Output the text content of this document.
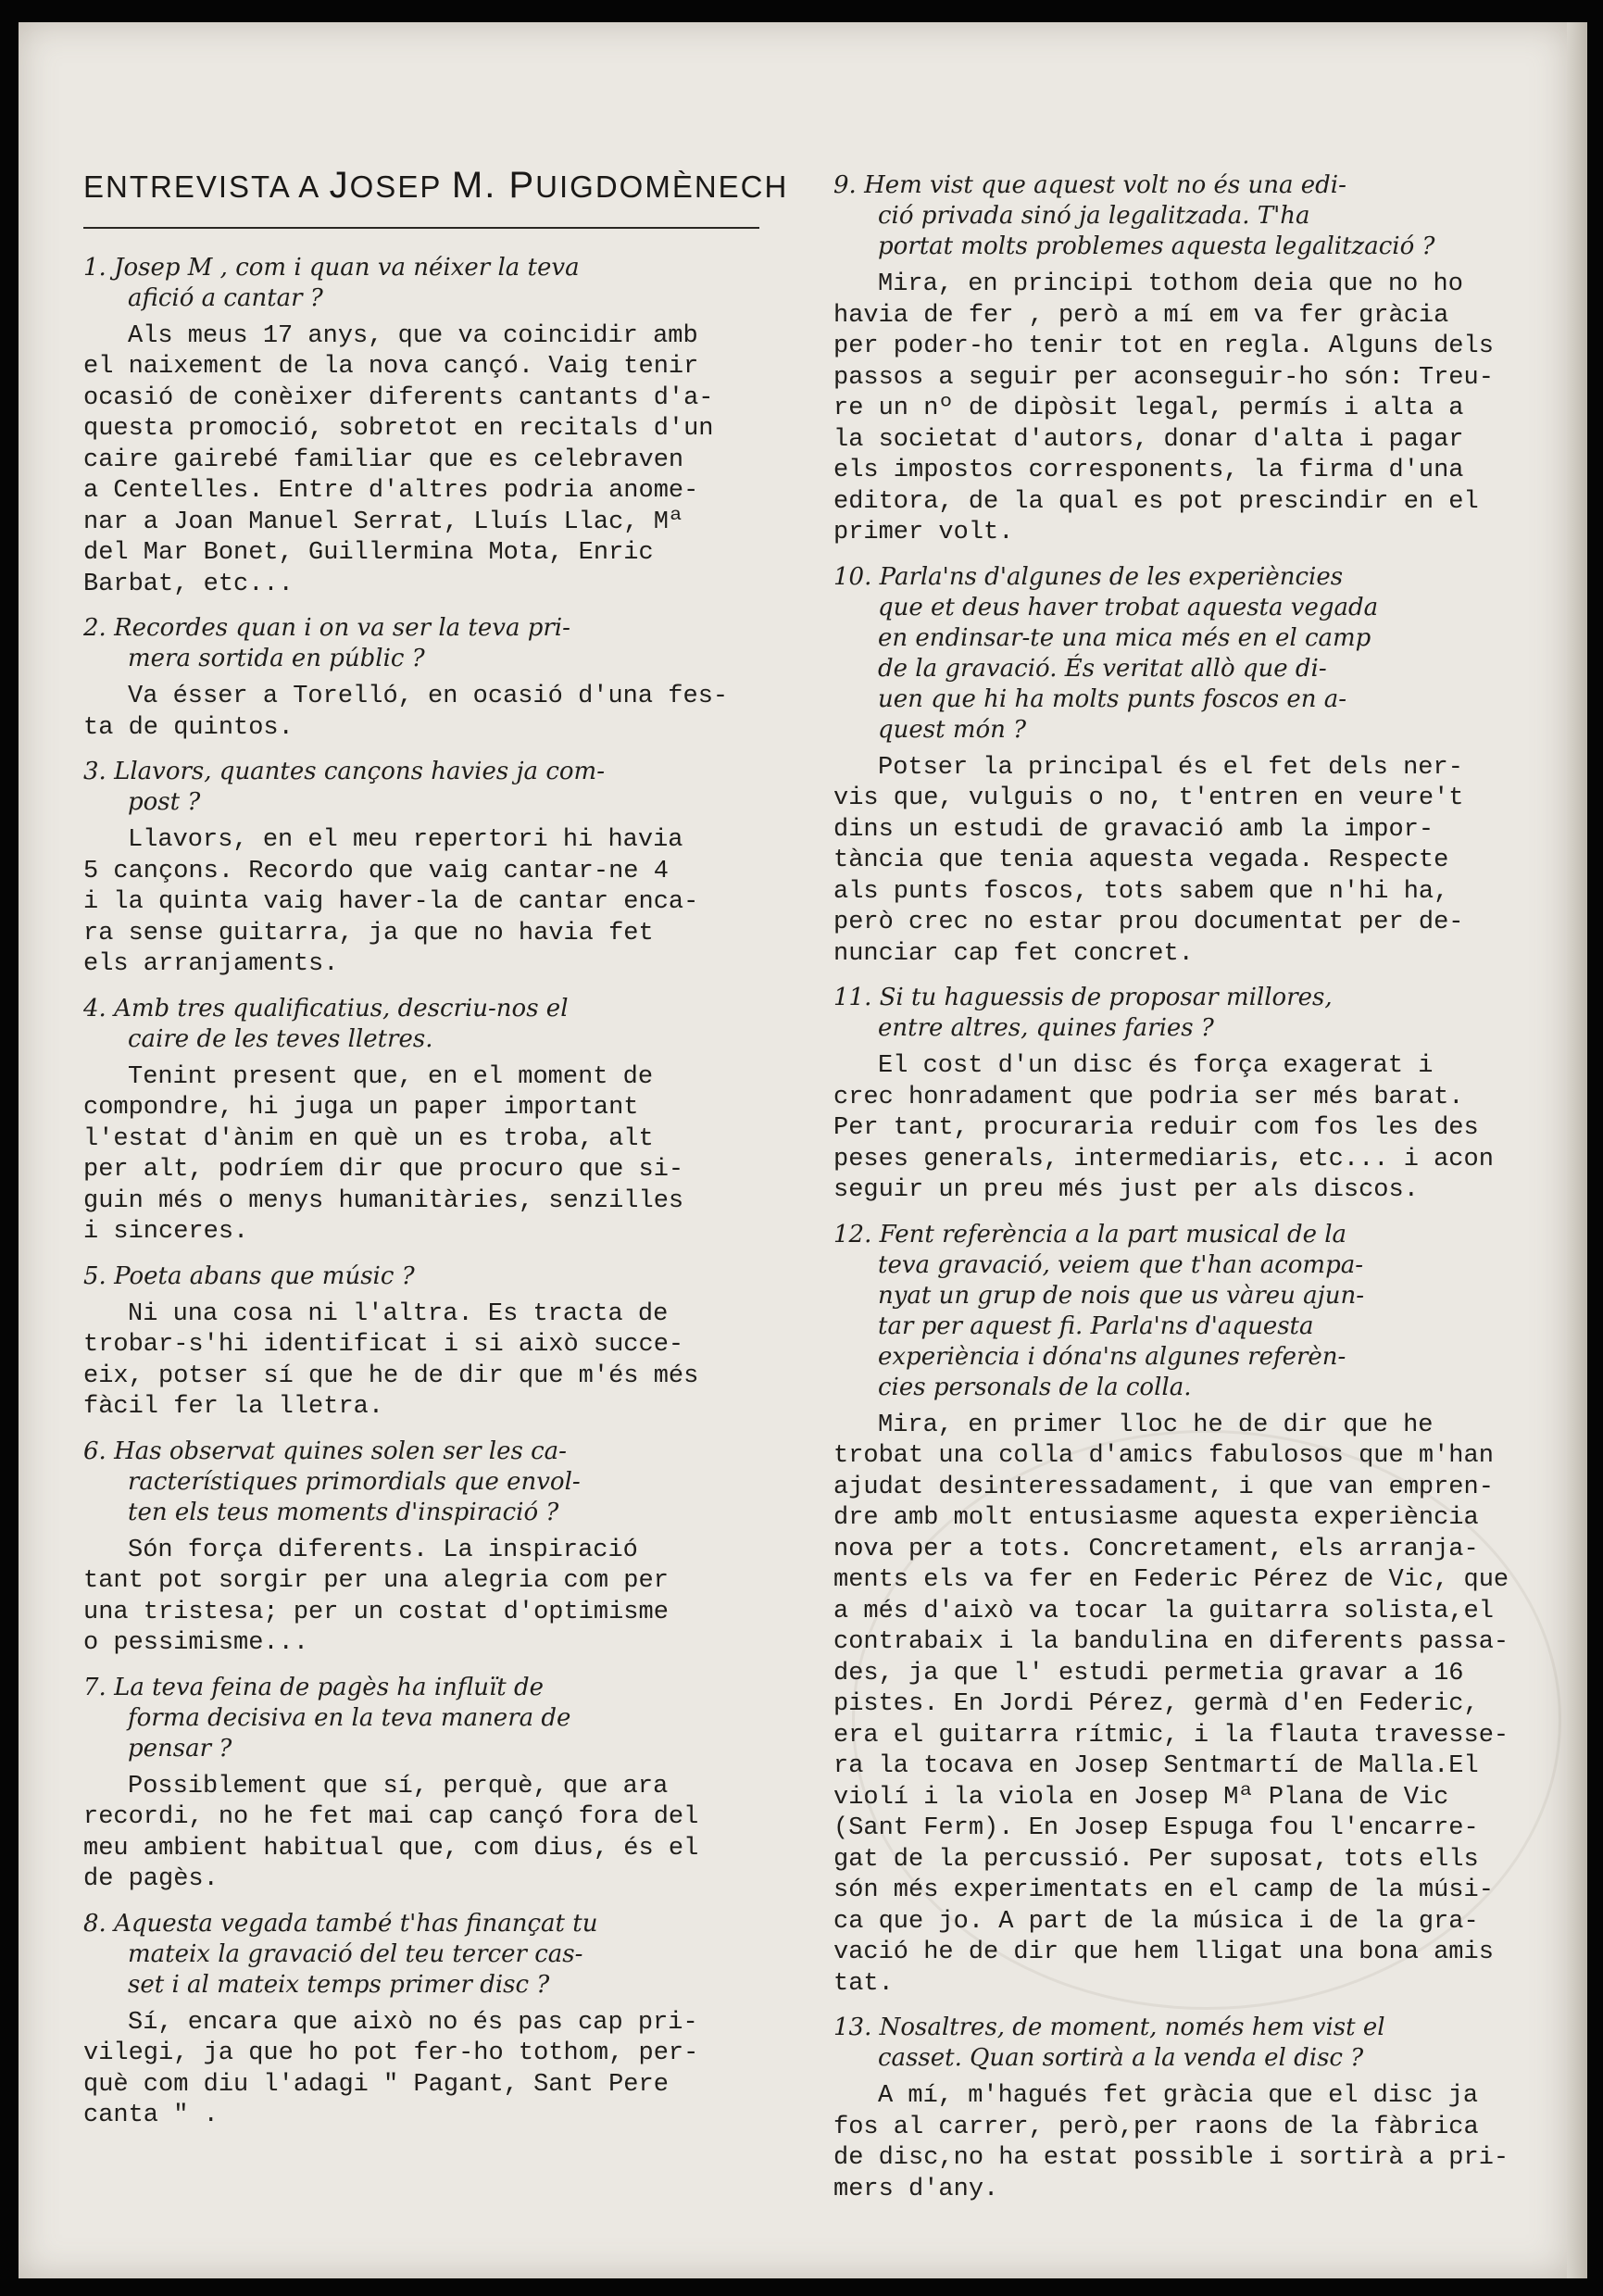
ENTREVISTA A JOSEP M. PUIGDOMÈNECH

1. Josep M , com i quan va néixer la teva
afició a cantar ?

Als meus 17 anys, que va coincidir amb
el naixement de la nova cançó. Vaig tenir
ocasió de conèixer diferents cantants d'a-
questa promoció, sobretot en recitals d'un
caire gairebé familiar que es celebraven
a Centelles. Entre d'altres podria anome-
nar a Joan Manuel Serrat, Lluís Llac, Mª
del Mar Bonet, Guillermina Mota, Enric
Barbat, etc...

2. Recordes quan i on va ser la teva pri-
mera sortida en públic ?

Va ésser a Torelló, en ocasió d'una fes-
ta de quintos.

3. Llavors, quantes cançons havies ja com-
post ?

Llavors, en el meu repertori hi havia
5 cançons. Recordo que vaig cantar-ne 4
i la quinta vaig haver-la de cantar enca-
ra sense guitarra, ja que no havia fet
els arranjaments.

4. Amb tres qualificatius, descriu-nos el
caire de les teves lletres.

Tenint present que, en el moment de
compondre, hi juga un paper important
l'estat d'ànim en què un es troba, alt
per alt, podríem dir que procuro que si-
guin més o menys humanitàries, senzilles
i sinceres.

5. Poeta abans que músic ?

Ni una cosa ni l'altra. Es tracta de
trobar-s'hi identificat i si això succe-
eix, potser sí que he de dir que m'és més
fàcil fer la lletra.

6. Has observat quines solen ser les ca-
racterístiques primordials que envol-
ten els teus moments d'inspiració ?

Són força diferents. La inspiració
tant pot sorgir per una alegria com per
una tristesa; per un costat d'optimisme
o pessimisme...

7. La teva feina de pagès ha influït de
forma decisiva en la teva manera de
pensar ?

Possiblement que sí, perquè, que ara
recordi, no he fet mai cap cançó fora del
meu ambient habitual que, com dius, és el
de pagès.

8. Aquesta vegada també t'has finançat tu
mateix la gravació del teu tercer cas-
set i al mateix temps primer disc ?

Sí, encara que això no és pas cap pri-
vilegi, ja que ho pot fer-ho tothom, per-
què com diu l'adagi " Pagant, Sant Pere
canta " .

9. Hem vist que aquest volt no és una edi-
ció privada sinó ja legalitzada. T'ha
portat molts problemes aquesta legalització ?

Mira, en principi tothom deia que no ho
havia de fer , però a mí em va fer gràcia
per poder-ho tenir tot en regla. Alguns dels
passos a seguir per aconseguir-ho són: Treu-
re un nº de dipòsit legal, permís i alta a
la societat d'autors, donar d'alta i pagar
els impostos corresponents, la firma d'una
editora, de la qual es pot prescindir en el
primer volt.

10. Parla'ns d'algunes de les experiències
que et deus haver trobat aquesta vegada
en endinsar-te una mica més en el camp
de la gravació. És veritat allò que di-
uen que hi ha molts punts foscos en a-
quest món ?

Potser la principal és el fet dels ner-
vis que, vulguis o no, t'entren en veure't
dins un estudi de gravació amb la impor-
tància que tenia aquesta vegada. Respecte
als punts foscos, tots sabem que n'hi ha,
però crec no estar prou documentat per de-
nunciar cap fet concret.

11. Si tu haguessis de proposar millores,
entre altres, quines faries ?

El cost d'un disc és força exagerat i
crec honradament que podria ser més barat.
Per tant, procuraria reduir com fos les des
peses generals, intermediaris, etc... i acon
seguir un preu més just per als discos.

12. Fent referència a la part musical de la
teva gravació, veiem que t'han acompa-
nyat un grup de nois que us vàreu ajun-
tar per aquest fi. Parla'ns d'aquesta
experiència i dóna'ns algunes referèn-
cies personals de la colla.

Mira, en primer lloc he de dir que he
trobat una colla d'amics fabulosos que m'han
ajudat desinteressadament, i que van empren-
dre amb molt entusiasme aquesta experiència
nova per a tots. Concretament, els arranja-
ments els va fer en Federic Pérez de Vic, que
a més d'això va tocar la guitarra solista,el
contrabaix i la bandulina en diferents passa-
des, ja que l' estudi permetia gravar a 16
pistes. En Jordi Pérez, germà d'en Federic,
era el guitarra rítmic, i la flauta travesse-
ra la tocava en Josep Sentmartí de Malla.El
violí i la viola en Josep Mª Plana de Vic
(Sant Ferm). En Josep Espuga fou l'encarre-
gat de la percussió. Per suposat, tots ells
són més experimentats en el camp de la músi-
ca que jo. A part de la música i de la gra-
vació he de dir que hem lligat una bona amis
tat.

13. Nosaltres, de moment, només hem vist el
casset. Quan sortirà a la venda el disc ?

A mí, m'hagués fet gràcia que el disc ja
fos al carrer, però,per raons de la fàbrica
de disc,no ha estat possible i sortirà a pri-
mers d'any.
